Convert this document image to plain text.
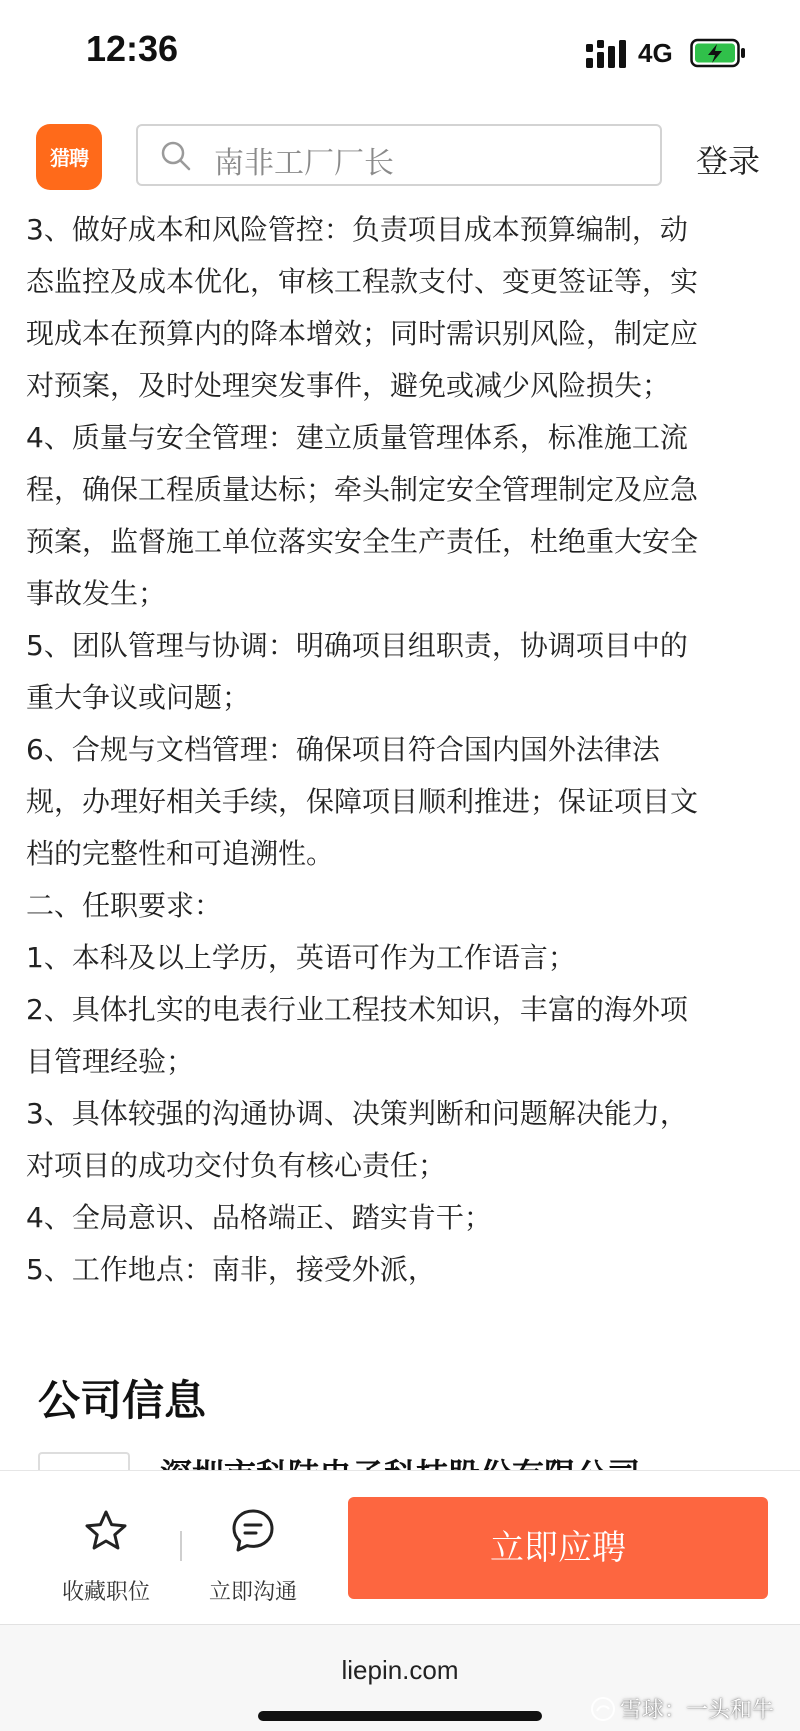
12:36	4G
猎聘	南非工厂厂长	登录
3、做好成本和风险管控：负责项目成本预算编制，动
态监控及成本优化，审核工程款支付、变更签证等，实
现成本在预算内的降本增效；同时需识别风险，制定应
对预案，及时处理突发事件，避免或减少风险损失；
4、质量与安全管理：建立质量管理体系，标准施工流
程，确保工程质量达标；牵头制定安全管理制定及应急
预案，监督施工单位落实安全生产责任，杜绝重大安全
事故发生；
5、团队管理与协调：明确项目组职责，协调项目中的
重大争议或问题；
6、合规与文档管理：确保项目符合国内国外法律法
规，办理好相关手续，保障项目顺利推进；保证项目文
档的完整性和可追溯性。
二、任职要求：
1、本科及以上学历，英语可作为工作语言；
2、具体扎实的电表行业工程技术知识，丰富的海外项
目管理经验；
3、具体较强的沟通协调、决策判断和问题解决能力，
对项目的成功交付负有核心责任；
4、全局意识、品格端正、踏实肯干；
5、工作地点：南非，接受外派，
公司信息
收藏职位	立即沟通
立即应聘
liepin.com
雪球：一头和牛
